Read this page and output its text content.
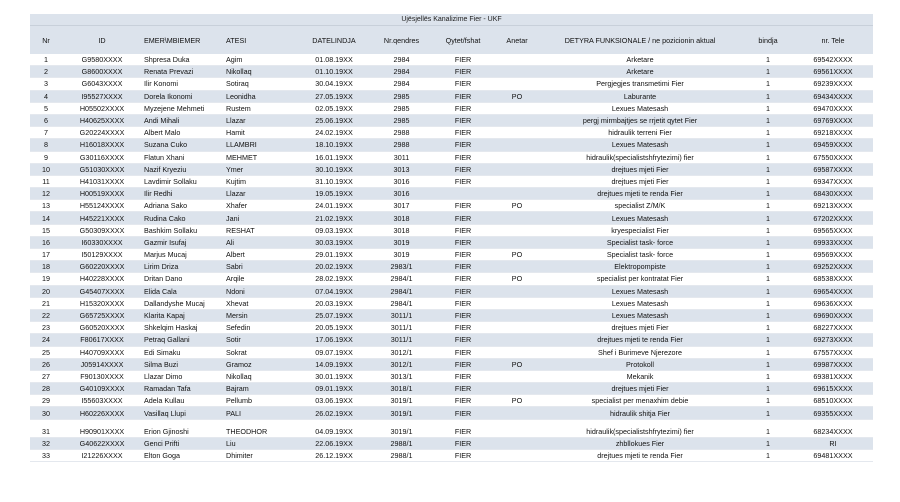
Ujësjellës Kanalizime Fier - UKF
Nr	ID	EMER\MBIEMER	ATESI	DATELINDJA	Nr.qendres	Qytet/fshat	Anetar	DETYRA FUNKSIONALE / ne pozicionin aktual	bindja	nr. Tele
1	G9580XXXX	Shpresa Duka	Agim	01.08.19XX	2984	FIER		Arketare	1	69542XXXX
2	G8600XXXX	Renata Prevazi	Nikollaq	01.10.19XX	2984	FIER		Arketare	1	69561XXXX
3	G6043XXXX	Ilir Konomi	Sotiraq	30.04.19XX	2984	FIER		Pergjegjes transmetimi Fier	1	69239XXXX
4	I95527XXXX	Dorela Ikonomi	Leonidha	27.05.19XX	2985	FIER	PO	Laburante	1	69434XXXX
5	H05502XXXX	Myzejene Mehmeti	Rustem	02.05.19XX	2985	FIER		Lexues Matesash	1	69470XXXX
6	H40625XXXX	Andi Mihali	Llazar	25.06.19XX	2985	FIER		pergj mirmbajtjes se rrjetit qytet Fier	1	69769XXXX
7	G20224XXXX	Albert Malo	Hamit	24.02.19XX	2988	FIER		hidraulik terreni Fier	1	69218XXXX
8	H16018XXXX	Suzana Cuko	LLAMBRI	18.10.19XX	2988	FIER		Lexues Matesash	1	69459XXXX
9	G30116XXXX	Flatun Xhani	MEHMET	16.01.19XX	3011	FIER		hidraulik(specialistshfrytezimi) fier	1	67550XXXX
10	G51030XXXX	Nazif Kryeziu	Ymer	30.10.19XX	3013	FIER		drejtues mjeti Fier	1	69587XXXX
11	H41031XXXX	Lavdimir Sollaku	Kujtim	31.10.19XX	3016	FIER		drejtues mjeti Fier	1	69347XXXX
12	H00519XXXX	Ilir Redhi	Llazar	19.05.19XX	3016			drejtues mjeti te renda Fier	1	68430XXXX
13	H55124XXXX	Adriana Sako	Xhafer	24.01.19XX	3017	FIER	PO	specialist Z/M/K	1	69213XXXX
14	H45221XXXX	Rudina Cako	Jani	21.02.19XX	3018	FIER		Lexues Matesash	1	67202XXXX
15	G50309XXXX	Bashkim Sollaku	RESHAT	09.03.19XX	3018	FIER		kryespecialist Fier	1	69565XXXX
16	I60330XXXX	Gazmir Isufaj	Ali	30.03.19XX	3019	FIER		Specialist task- force	1	69933XXXX
17	I50129XXXX	Marjus Mucaj	Albert	29.01.19XX	3019	FIER	PO	Specialist task- force	1	69569XXXX
18	G60220XXXX	Lirim Driza	Sabri	20.02.19XX	2983/1	FIER		Elektropompiste	1	69252XXXX
19	H40228XXXX	Dritan Dano	Arqile	28.02.19XX	2984/1	FIER	PO	specialist per kontratat Fier	1	68538XXXX
20	G45407XXXX	Elida Cala	Ndoni	07.04.19XX	2984/1	FIER		Lexues Matesash	1	69654XXXX
21	H15320XXXX	Dallandyshe Mucaj	Xhevat	20.03.19XX	2984/1	FIER		Lexues Matesash	1	69636XXXX
22	G65725XXXX	Klarita Kapaj	Mersin	25.07.19XX	3011/1	FIER		Lexues Matesash	1	69690XXXX
23	G60520XXXX	Shkelqim Haskaj	Sefedin	20.05.19XX	3011/1	FIER		drejtues mjeti Fier	1	68227XXXX
24	F80617XXXX	Petraq Gallani	Sotir	17.06.19XX	3011/1	FIER		drejtues mjeti te renda Fier	1	69273XXXX
25	H40709XXXX	Edi Simaku	Sokrat	09.07.19XX	3012/1	FIER		Shef i Burimeve Njerezore	1	67557XXXX
26	J05914XXXX	Silma Buzi	Gramoz	14.09.19XX	3012/1	FIER	PO	Protokoll	1	69987XXXX
27	F90130XXXX	Llazar Dimo	Nikollaq	30.01.19XX	3013/1	FIER		Mekanik	1	69381XXXX
28	G40109XXXX	Ramadan Tafa	Bajram	09.01.19XX	3018/1	FIER		drejtues mjeti Fier	1	69615XXXX
29	I55603XXXX	Adela Kullau	Pellumb	03.06.19XX	3019/1	FIER	PO	specialist per menaxhim debie	1	68510XXXX
30	H60226XXXX	Vasillaq Llupi	PALI	26.02.19XX	3019/1	FIER		hidraulik shitja Fier	1	69355XXXX
31	H90901XXXX	Erion Gjinoshi	THEODHOR	04.09.19XX	3019/1	FIER		hidraulik(specialistshfrytezimi) fier	1	68234XXXX
32	G40622XXXX	Genci Prifti	Liu	22.06.19XX	2988/1	FIER		zhbllokues Fier	1	RI
33	I21226XXXX	Elton Goga	Dhimiter	26.12.19XX	2988/1	FIER		drejtues mjeti te renda Fier	1	69481XXXX
